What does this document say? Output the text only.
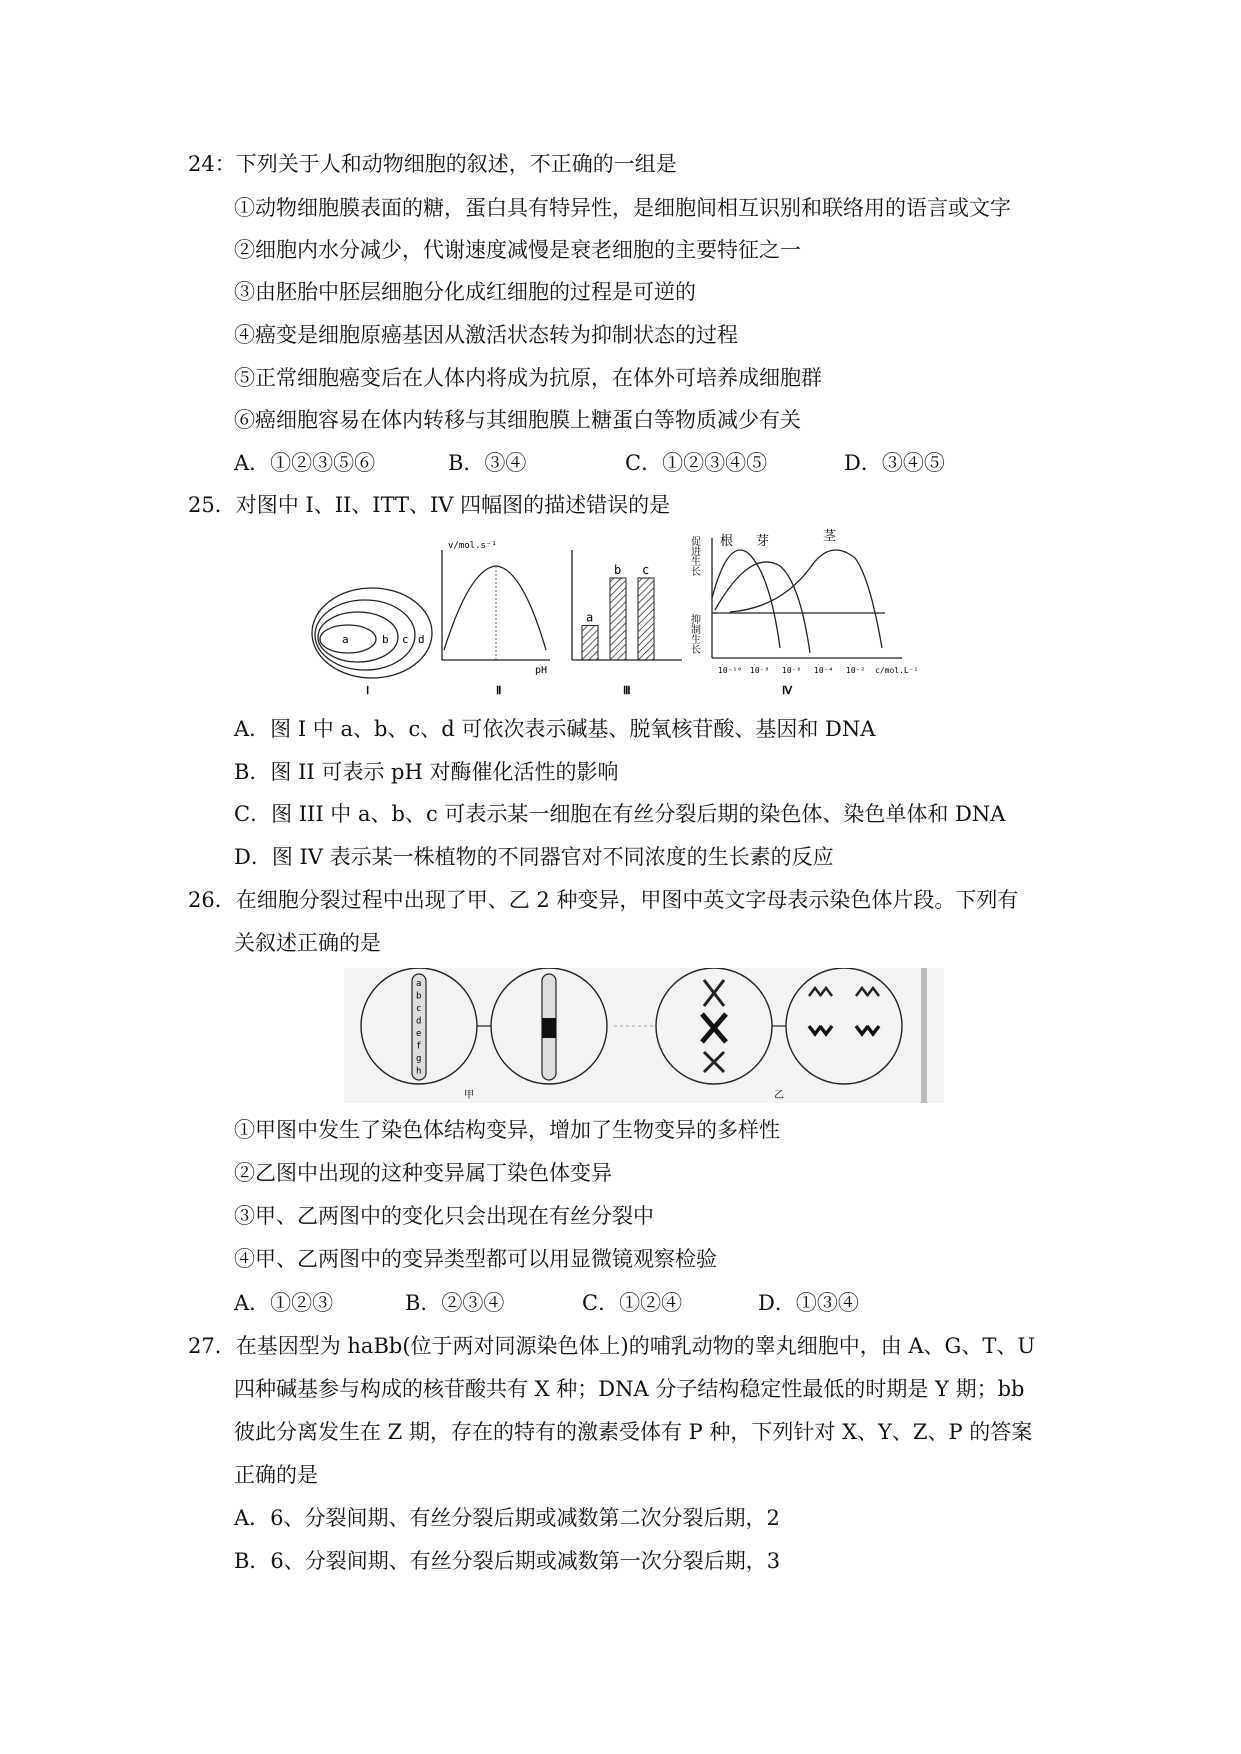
24：下列关于人和动物细胞的叙述，不正确的一组是
①动物细胞膜表面的糖，蛋白具有特异性，是细胞间相互识别和联络用的语言或文字
②细胞内水分减少，代谢速度减慢是衰老细胞的主要特征之一
③由胚胎中胚层细胞分化成红细胞的过程是可逆的
④癌变是细胞原癌基因从激活状态转为抑制状态的过程
⑤正常细胞癌变后在人体内将成为抗原，在体外可培养成细胞群
⑥癌细胞容易在体内转移与其细胞膜上糖蛋白等物质减少有关
A．①②③⑤⑥	B．③④	C．①②③④⑤	D．③④⑤
25．对图中 I、II、ITT、IV 四幅图的描述错误的是
a	b c d
Ⅰ
v/mol.s⁻¹
pH
Ⅱ
a
b c
Ⅲ
根 芽	茎
促进生长
抑制生长
10⁻¹⁰ 10⁻⁸ 10⁻⁶ 10⁻⁴ 10⁻² c/mol.L⁻¹
Ⅳ
A．图 I 中 a、b、c、d 可依次表示碱基、脱氧核苷酸、基因和 DNA
B．图 II 可表示 pH 对酶催化活性的影响
C．图 III 中 a、b、c 可表示某一细胞在有丝分裂后期的染色体、染色单体和 DNA
D．图 IV 表示某一株植物的不同器官对不同浓度的生长素的反应
26．在细胞分裂过程中出现了甲、乙 2 种变异，甲图中英文字母表示染色体片段。下列有
关叙述正确的是
a
b
c
d
e
f
g
h
甲	乙
①甲图中发生了染色体结构变异，增加了生物变异的多样性
②乙图中出现的这种变异属丁染色体变异
③甲、乙两图中的变化只会出现在有丝分裂中
④甲、乙两图中的变异类型都可以用显微镜观察检验
A．①②③	B．②③④	C．①②④	D．①③④
27．在基因型为 haBb(位于两对同源染色体上)的哺乳动物的睾丸细胞中，由 A、G、T、U
四种碱基参与构成的核苷酸共有 X 种；DNA 分子结构稳定性最低的时期是 Y 期；bb
彼此分离发生在 Z 期，存在的特有的激素受体有 P 种，下列针对 X、Y、Z、P 的答案
正确的是
A．6、分裂间期、有丝分裂后期或减数第二次分裂后期，2
B．6、分裂间期、有丝分裂后期或减数第一次分裂后期，3
